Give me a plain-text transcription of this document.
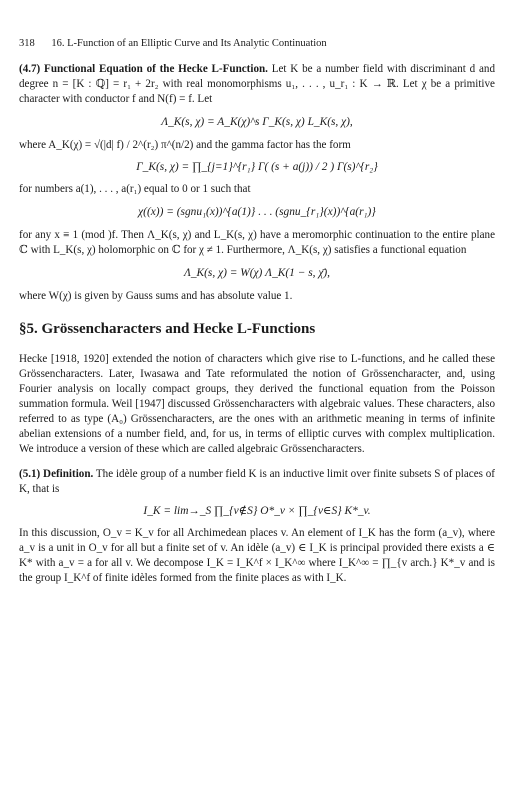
318 16. L-Function of an Elliptic Curve and Its Analytic Continuation

(4.7) Functional Equation of the Hecke L-Function. Let K be a number field with discriminant d and degree n = [K : ℚ] = r₁ + 2r₂ with real monomorphisms u₁, . . . , u_r₁ : K → ℝ. Let χ be a primitive character with conductor f and N(f) = f. Let

Λ_K(s, χ) = A_K(χ)^s Γ_K(s, χ) L_K(s, χ),

where A_K(χ) = √(|d| f) / 2^(r₂) π^(n/2) and the gamma factor has the form

Γ_K(s, χ) = ∏_{j=1}^{r₁} Γ( (s + a(j)) / 2 ) Γ(s)^{r₂}

for numbers a(1), . . . , a(r₁) equal to 0 or 1 such that

χ((x)) = (sgnu₁(x))^{a(1)} . . . (sgnu_{r₁}(x))^{a(r₁)}

for any x ≡ 1 (mod )f. Then Λ_K(s, χ) and L_K(s, χ) have a meromorphic continuation to the entire plane ℂ with L_K(s, χ) holomorphic on ℂ for χ ≠ 1. Furthermore, Λ_K(s, χ) satisfies a functional equation

Λ_K(s, χ) = W(χ) Λ_K(1 − s, χ̄),

where W(χ) is given by Gauss sums and has absolute value 1.

§5. Grössencharacters and Hecke L-Functions

Hecke [1918, 1920] extended the notion of characters which give rise to L-functions, and he called these Grössencharacters. Later, Iwasawa and Tate reformulated the notion of Grössencharacter, and, using Fourier analysis on locally compact groups, they derived the functional equation from the Poisson summation formula. Weil [1947] discussed Grössencharacters with algebraic values. These characters, also referred to as type (A₀) Grössencharacters, are the ones with an arithmetic meaning in terms of infinite abelian extensions of a number field, and, for us, in terms of elliptic curves with complex multiplication. We introduce a version of these which are called algebraic Grössencharacters.

(5.1) Definition. The idèle group of a number field K is an inductive limit over finite subsets S of places of K, that is

I_K = lim→_S ∏_{v∉S} O*_v × ∏_{v∈S} K*_v.

In this discussion, O_v = K_v for all Archimedean places v. An element of I_K has the form (a_v), where a_v is a unit in O_v for all but a finite set of v. An idèle (a_v) ∈ I_K is principal provided there exists a ∈ K* with a_v = a for all v. We decompose I_K = I_K^f × I_K^∞ where I_K^∞ = ∏_{v arch.} K*_v and is the group I_K^f of finite idèles formed from the finite places as with I_K.
